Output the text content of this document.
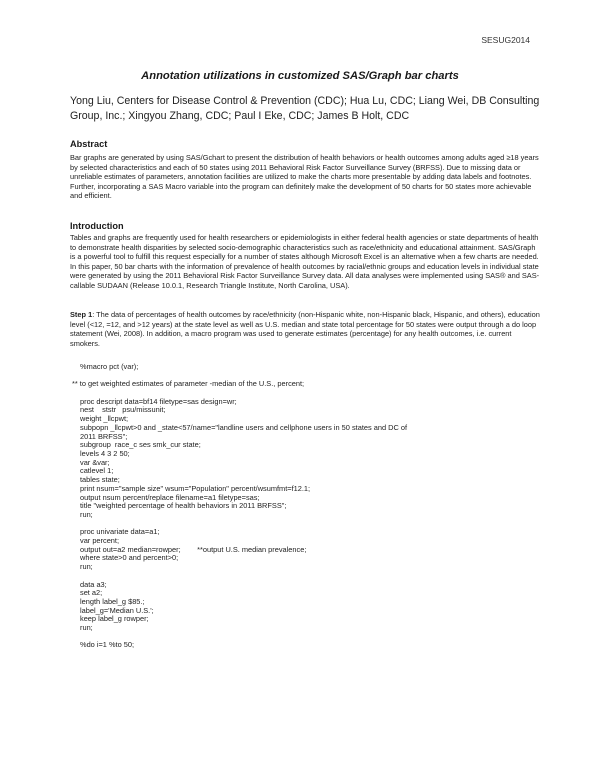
SESUG2014
Annotation utilizations in customized SAS/Graph bar charts
Yong Liu, Centers for Disease Control & Prevention (CDC); Hua Lu, CDC; Liang Wei, DB Consulting Group, Inc.; Xingyou Zhang, CDC; Paul I Eke, CDC; James B Holt, CDC
Abstract
Bar graphs are generated by using SAS/Gchart to present the distribution of health behaviors or health outcomes among adults aged ≥18 years by selected characteristics and each of 50 states using 2011 Behavioral Risk Factor Surveillance Survey (BRFSS). Due to missing data or unreliable estimates of parameters, annotation facilities are utilized to make the charts more presentable by adding data labels and footnotes. Further, incorporating a SAS Macro variable into the program can definitely make the development of 50 charts for 50 states more achievable and efficient.
Introduction
Tables and graphs are frequently used for health researchers or epidemiologists in either federal health agencies or state departments of health to demonstrate health disparities by selected socio-demographic characteristics such as race/ethnicity and educational attainment. SAS/Graph is a powerful tool to fulfill this request especially for a number of states although Microsoft Excel is an alternative when a few charts are needed. In this paper, 50 bar charts with the information of prevalence of health outcomes by racial/ethnic groups and education levels in individual state were generated by using the 2011 Behavioral Risk Factor Surveillance Survey data. All data analyses were implemented using SAS® and SAS-callable SUDAAN (Release 10.0.1, Research Triangle Institute, North Carolina, USA).
Step 1: The data of percentages of health outcomes by race/ethnicity (non-Hispanic white, non-Hispanic black, Hispanic, and others), education level (<12, =12, and >12 years) at the state level as well as U.S. median and state total percentage for 50 states were output through a do loop statement (Wei, 2008). In addition, a macro program was used to generate estimates (percentage) for any health outcomes, i.e. current smokers.
%macro pct (var);
** to get weighted estimates of parameter -median of the U.S., percent;
proc descript data=bf14 filetype=sas design=wr;
nest    ststr   psu/missunit;
weight _llcpwt;
subpopn _llcpwt>0 and _state<57/name="landline users and cellphone users in 50 states and DC of
2011 BRFSS";
subgroup  race_c ses smk_cur state;
levels 4 3 2 50;
var &var;
catlevel 1;
tables state;
print nsum="sample size" wsum="Population" percent/wsumfmt=f12.1;
output nsum percent/replace filename=a1 filetype=sas;
title "weighted percentage of health behaviors in 2011 BRFSS";
run;
proc univariate data=a1;
var percent;
output out=a2 median=rowper;        **output U.S. median prevalence;
where state>0 and percent>0;
run;
data a3;
set a2;
length label_g $85.;
label_g='Median U.S.';
keep label_g rowper;
run;
%do i=1 %to 50;
